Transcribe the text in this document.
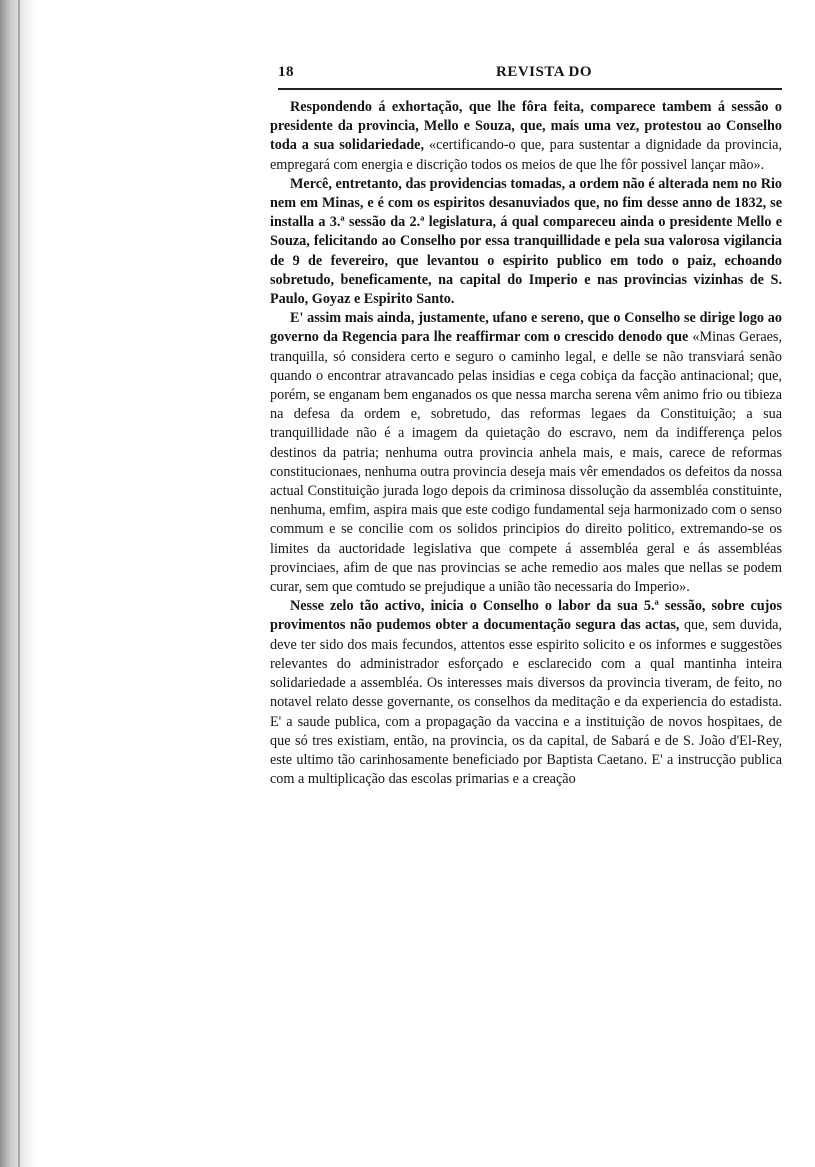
18	REVISTA DO

Respondendo á exhortação, que lhe fôra feita, comparece tambem á sessão o presidente da provincia, Mello e Souza, que, mais uma vez, protestou ao Conselho toda a sua solidariedade, «certificando-o que, para sustentar a dignidade da provincia, empregará com energia e discrição todos os meios de que lhe fôr possivel lançar mão».

Mercê, entretanto, das providencias tomadas, a ordem não é alterada nem no Rio nem em Minas, e é com os espiritos desanuviados que, no fim desse anno de 1832, se installa a 3.ª sessão da 2.ª legislatura, á qual compareceu ainda o presidente Mello e Souza, felicitando ao Conselho por essa tranquillidade e pela sua valorosa vigilancia de 9 de fevereiro, que levantou o espirito publico em todo o paiz, echoando sobretudo, beneficamente, na capital do Imperio e nas provincias vizinhas de S. Paulo, Goyaz e Espirito Santo.

E' assim mais ainda, justamente, ufano e sereno, que o Conselho se dirige logo ao governo da Regencia para lhe reaffirmar com o crescido denodo que «Minas Geraes, tranquilla, só considera certo e seguro o caminho legal, e delle se não transviará senão quando o encontrar atravancado pelas insidias e cega cobiça da facção antinacional; que, porém, se enganam bem enganados os que nessa marcha serena vêm animo frio ou tibieza na defesa da ordem e, sobretudo, das reformas legaes da Constituição; a sua tranquillidade não é a imagem da quietação do escravo, nem da indifferença pelos destinos da patria; nenhuma outra provincia anhela mais, e mais, carece de reformas constitucionaes, nenhuma outra provincia deseja mais vêr emendados os defeitos da nossa actual Constituição jurada logo depois da criminosa dissolução da assembléa constituinte, nenhuma, emfim, aspira mais que este codigo fundamental seja harmonizado com o senso commum e se concilie com os solidos principios do direito politico, extremando-se os limites da auctoridade legislativa que compete á assembléa geral e ás assembléas provinciaes, afim de que nas provincias se ache remedio aos males que nellas se podem curar, sem que comtudo se prejudique a união tão necessaria do Imperio».

Nesse zelo tão activo, inicia o Conselho o labor da sua 5.ª sessão, sobre cujos provimentos não pudemos obter a documentação segura das actas, que, sem duvida, deve ter sido dos mais fecundos, attentos esse espirito solicito e os informes e suggestões relevantes do administrador esforçado e esclarecido com a qual mantinha inteira solidariedade a assembléa. Os interesses mais diversos da provincia tiveram, de feito, no notavel relato desse governante, os conselhos da meditação e da experiencia do estadista. E' a saude publica, com a propagação da vaccina e a instituição de novos hospitaes, de que só tres existiam, então, na provincia, os da capital, de Sabará e de S. João d'El-Rey, este ultimo tão carinhosamente beneficiado por Baptista Caetano. E' a instrucção publica com a multiplicação das escolas primarias e a creação
